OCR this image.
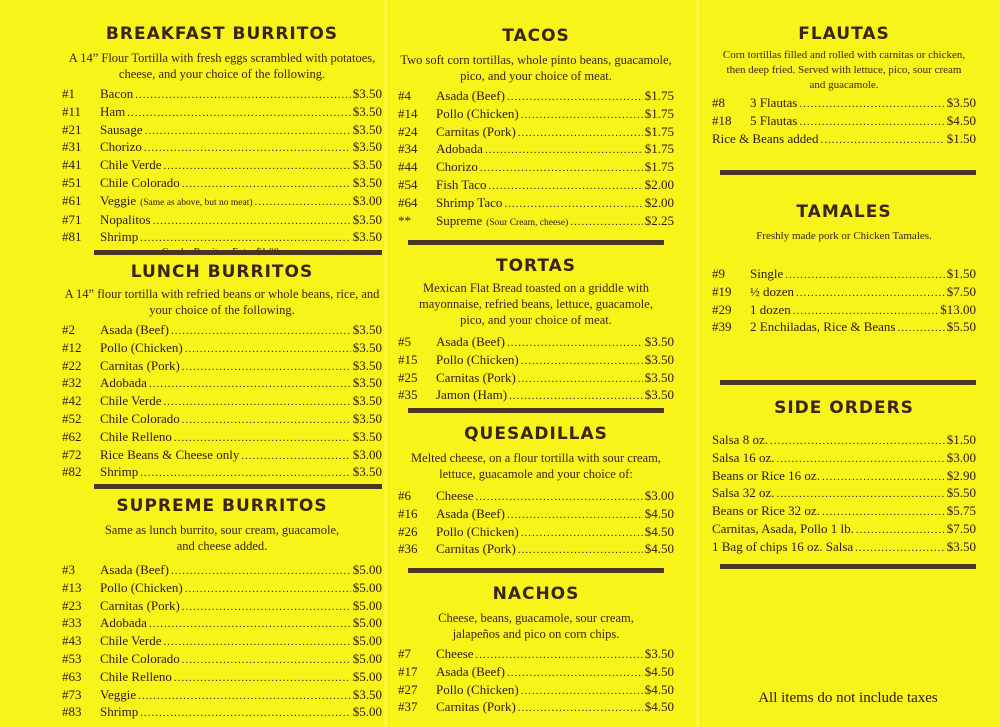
BREAKFAST BURRITOS
A 14” Flour Tortilla with fresh eggs scrambled with potatoes, cheese, and your choice of the following.
#1	Bacon .....	$3.50
#11	Ham .....	$3.50
#21	Sausage .....	$3.50
#31	Chorizo .....	$3.50
#41	Chile Verde .....	$3.50
#51	Chile Colorado .....	$3.50
#61	Veggie (Same as above, but no meat) .....	$3.00
#71	Nopalitos .....	$3.50
#81	Shrimp .....	$3.50
LUNCH BURRITOS
A 14” flour tortilla with refried beans or whole beans, rice, and your choice of the following.
#2	Asada (Beef) .....	$3.50
#12	Pollo (Chicken) .....	$3.50
#22	Carnitas (Pork) .....	$3.50
#32	Adobada .....	$3.50
#42	Chile Verde .....	$3.50
#52	Chile Colorado .....	$3.50
#62	Chile Relleno .....	$3.50
#72	Rice Beans & Cheese only .....	$3.00
#82	Shrimp .....	$3.50
SUPREME BURRITOS
Same as lunch burrito, sour cream, guacamole, and cheese added.
#3	Asada (Beef) .....	$5.00
#13	Pollo (Chicken) .....	$5.00
#23	Carnitas (Pork) .....	$5.00
#33	Adobada .....	$5.00
#43	Chile Verde .....	$5.00
#53	Chile Colorado .....	$5.00
#63	Chile Relleno .....	$5.00
#73	Veggie .....	$3.50
#83	Shrimp .....	$5.00
TACOS
Two soft corn tortillas, whole pinto beans, guacamole, pico, and your choice of meat.
#4	Asada (Beef) .....	$1.75
#14	Pollo (Chicken) .....	$1.75
#24	Carnitas (Pork) .....	$1.75
#34	Adobada .....	$1.75
#44	Chorizo .....	$1.75
#54	Fish Taco .....	$2.00
#64	Shrimp Taco .....	$2.00
**	Supreme (Sour Cream, cheese) .....	$2.25
TORTAS
Mexican Flat Bread toasted on a griddle with mayonnaise, refried beans, lettuce, guacamole, pico, and your choice of meat.
#5	Asada (Beef) .....	$3.50
#15	Pollo (Chicken) .....	$3.50
#25	Carnitas (Pork) .....	$3.50
#35	Jamon (Ham) .....	$3.50
QUESADILLAS
Melted cheese, on a flour tortilla with sour cream, lettuce, guacamole and your choice of:
#6	Cheese .....	$3.00
#16	Asada (Beef) .....	$4.50
#26	Pollo (Chicken) .....	$4.50
#36	Carnitas (Pork) .....	$4.50
NACHOS
Cheese, beans, guacamole, sour cream, jalapeños and pico on corn chips.
#7	Cheese .....	$3.50
#17	Asada (Beef) .....	$4.50
#27	Pollo (Chicken) .....	$4.50
#37	Carnitas (Pork) .....	$4.50
FLAUTAS
Corn tortillas filled and rolled with carnitas or chicken, then deep fried. Served with lettuce, pico, sour cream and guacamole.
#8	3 Flautas .....	$3.50
#18	5 Flautas .....	$4.50
Rice & Beans added .....	$1.50
TAMALES
Freshly made pork or Chicken Tamales.
#9	Single .....	$1.50
#19	½ dozen .....	$7.50
#29	1 dozen .....	$13.00
#39	2 Enchiladas, Rice & Beans .....	$5.50
SIDE ORDERS
Salsa 8 oz. .....	$1.50
Salsa 16 oz. .....	$3.00
Beans or Rice 16 oz. .....	$2.90
Salsa 32 oz. .....	$5.50
Beans or Rice 32 oz. .....	$5.75
Carnitas, Asada, Pollo 1 lb. .....	$7.50
1 Bag of chips 16 oz. Salsa .....	$3.50
All items do not include taxes
